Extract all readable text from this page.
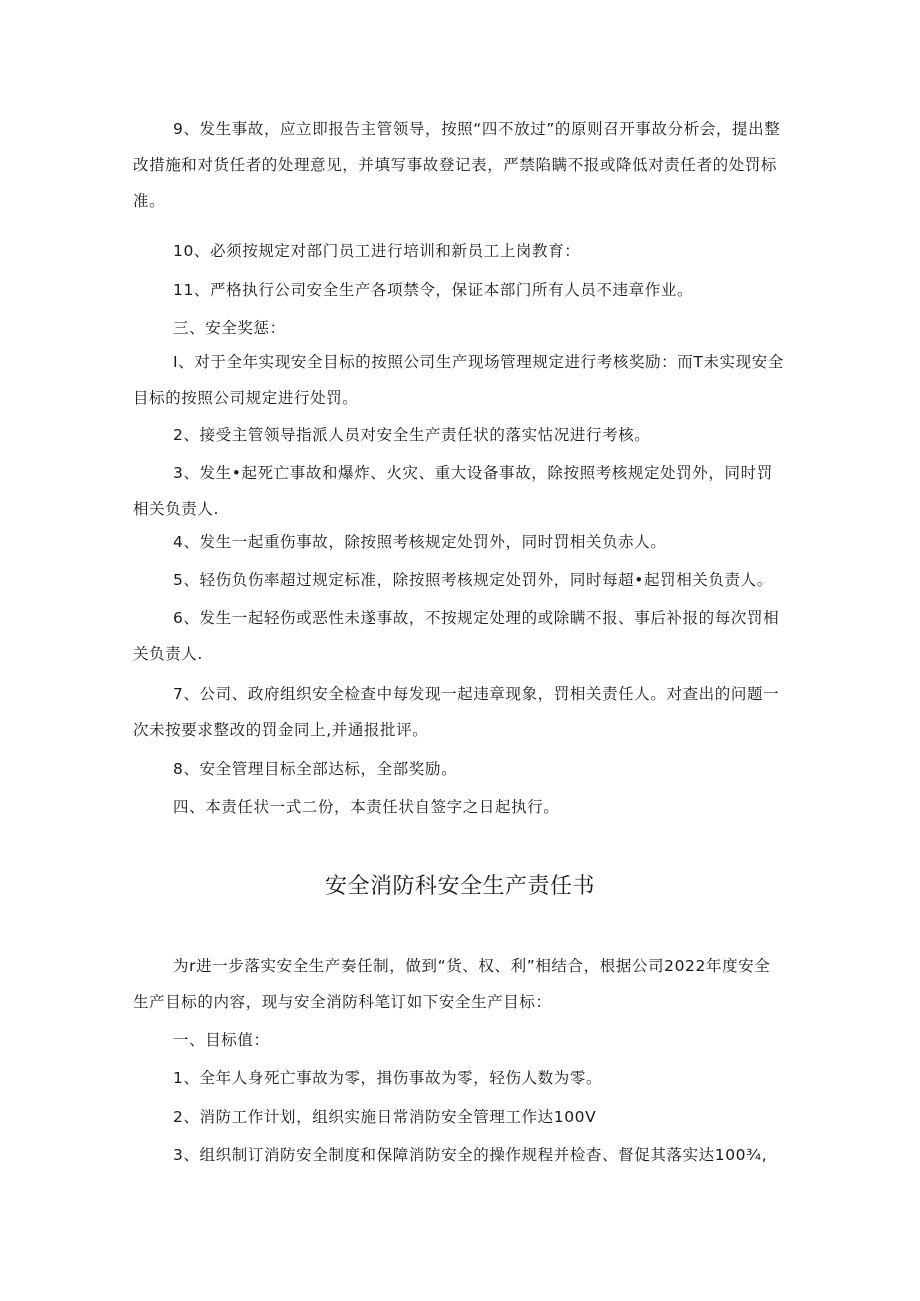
9、发生事故，应立即报告主管领导，按照“四不放过”的原则召开事故分析会，提出整改措施和对货任者的处理意见，并填写事故登记表，严禁陷瞒不报或降低对责任者的处罚标准。

10、必须按规定对部门员工进行培训和新员工上岗教育：

11、严格执行公司安全生产各项禁令，保证本部门所有人员不违章作业。

三、安全奖惩：

I、对于全年实现安全目标的按照公司生产现场管理规定进行考核奖励：而T未实现安全目标的按照公司规定进行处罚。

2、接受主管领导指派人员对安全生产责任状的落实怙况进行考核。

3、发生•起死亡事故和爆炸、火灾、重大设备事故，除按照考核规定处罚外，同时罚相关负责人.

4、发生一起重伤事故，除按照考核规定处罚外，同时罚相关负赤人。

5、轻伤负伤率超过规定标准，除按照考核规定处罚外，同时每超•起罚相关负责人。

6、发生一起轻伤或恶性未遂事故，不按规定处理的或除瞒不报、事后补报的每次罚相关负责人.

7、公司、政府组织安全检查中每发现一起违章现象，罚相关责任人。对查出的问题一次未按要求整改的罚金同上,并通报批评。

8、安全管理目标全部达标，全部奖励。

四、本责任状一式二份，本责任状自签字之日起执行。

安全消防科安全生产责任书

为r进一步落实安全生产奏任制，做到“货、权、利”相结合，根据公司2022年度安全生产目标的内容，现与安全消防科笔订如下安全生产目标：

一、目标值：

1、全年人身死亡事故为零，揖伤事故为零，轻伤人数为零。

2、消防工作计划，组织实施日常消防安全管理工作达100V

3、组织制订消防安全制度和保障消防安全的操作规程并检杳、督促其落实达100¾,
